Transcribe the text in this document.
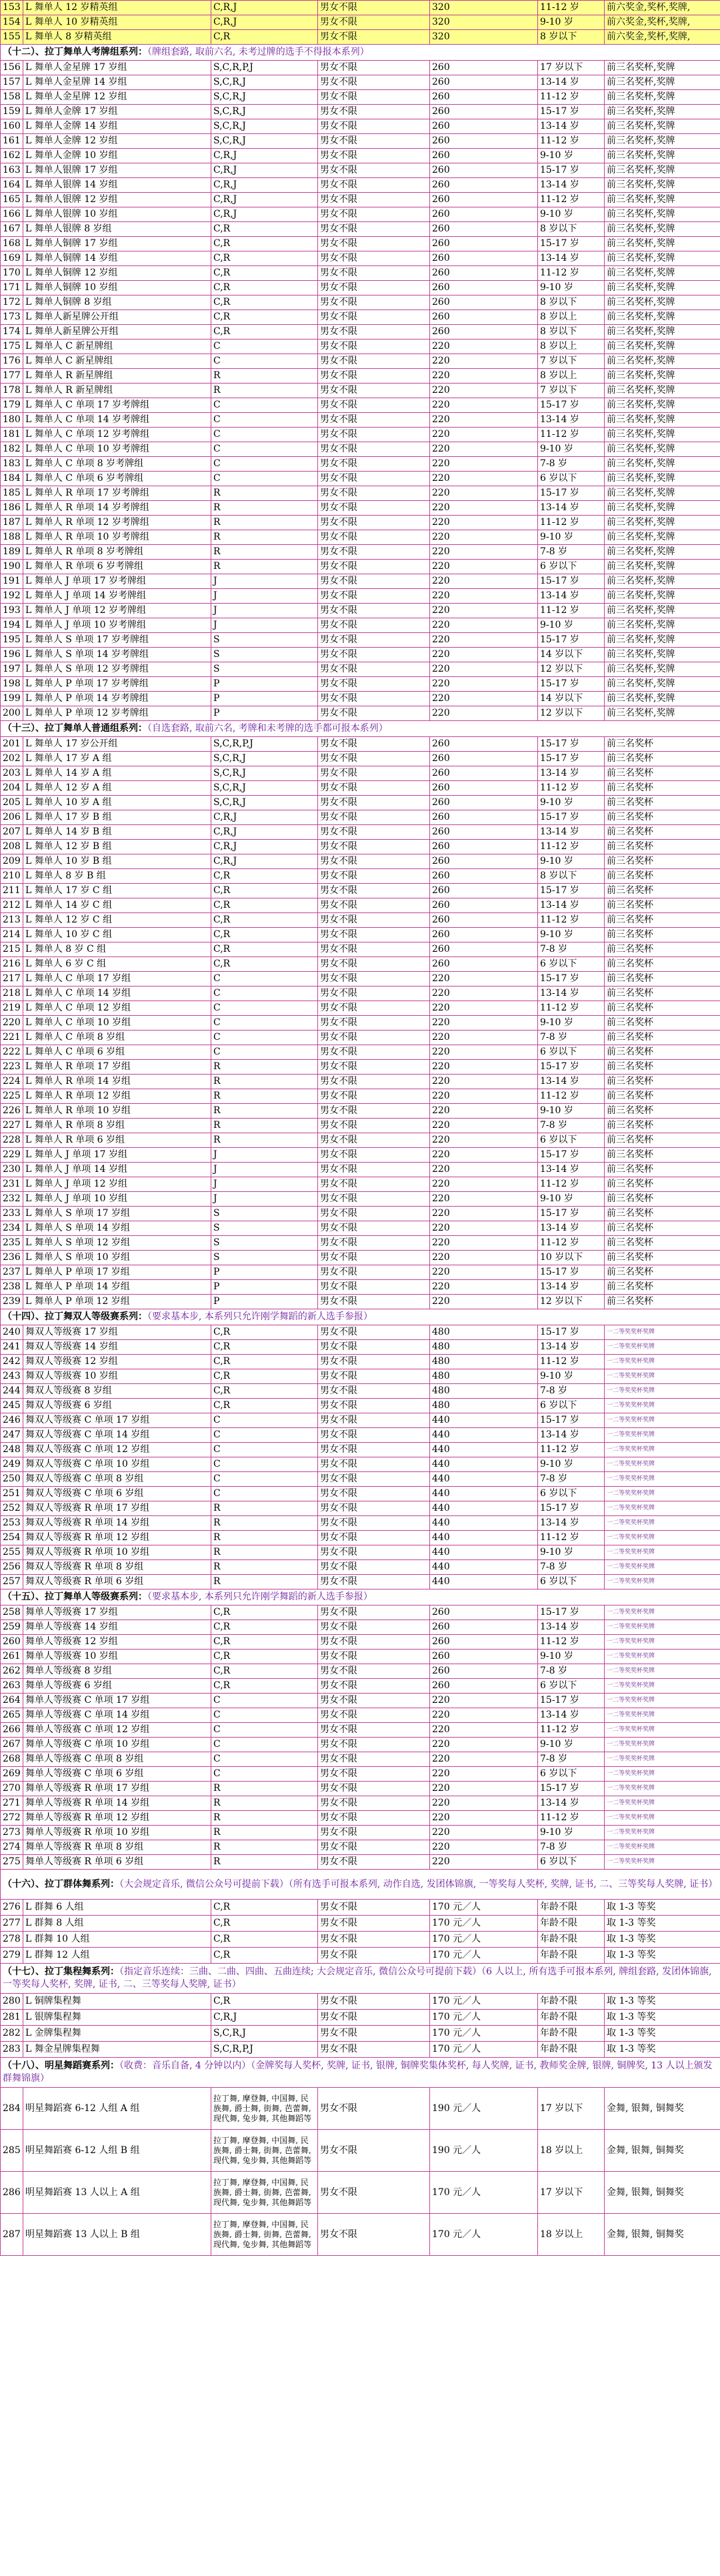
153	L 舞单人 12 岁精英组	C,R,J	男女不限	320	11-12 岁	前六奖金,奖杯,奖牌,
154	L 舞单人 10 岁精英组	C,R,J	男女不限	320	9-10 岁	前六奖金,奖杯,奖牌,
155	L 舞单人 8 岁精英组	C,R	男女不限	320	8 岁以下	前六奖金,奖杯,奖牌,
（十二）、拉丁舞单人考牌组系列：（牌组套路, 取前六名, 未考过牌的选手不得报本系列）						
156	L 舞单人金星牌 17 岁组	S,C,R,P,J	男女不限	260	17 岁以下	前三名奖杯,奖牌
157	L 舞单人金星牌 14 岁组	S,C,R,J	男女不限	260	13-14 岁	前三名奖杯,奖牌
158	L 舞单人金星牌 12 岁组	S,C,R,J	男女不限	260	11-12 岁	前三名奖杯,奖牌
159	L 舞单人金牌 17 岁组	S,C,R,J	男女不限	260	15-17 岁	前三名奖杯,奖牌
160	L 舞单人金牌 14 岁组	S,C,R,J	男女不限	260	13-14 岁	前三名奖杯,奖牌
161	L 舞单人金牌 12 岁组	S,C,R,J	男女不限	260	11-12 岁	前三名奖杯,奖牌
162	L 舞单人金牌 10 岁组	C,R,J	男女不限	260	9-10 岁	前三名奖杯,奖牌
163	L 舞单人银牌 17 岁组	C,R,J	男女不限	260	15-17 岁	前三名奖杯,奖牌
164	L 舞单人银牌 14 岁组	C,R,J	男女不限	260	13-14 岁	前三名奖杯,奖牌
165	L 舞单人银牌 12 岁组	C,R,J	男女不限	260	11-12 岁	前三名奖杯,奖牌
166	L 舞单人银牌 10 岁组	C,R,J	男女不限	260	9-10 岁	前三名奖杯,奖牌
167	L 舞单人银牌 8 岁组	C,R	男女不限	260	8 岁以下	前三名奖杯,奖牌
168	L 舞单人铜牌 17 岁组	C,R	男女不限	260	15-17 岁	前三名奖杯,奖牌
169	L 舞单人铜牌 14 岁组	C,R	男女不限	260	13-14 岁	前三名奖杯,奖牌
170	L 舞单人铜牌 12 岁组	C,R	男女不限	260	11-12 岁	前三名奖杯,奖牌
171	L 舞单人铜牌 10 岁组	C,R	男女不限	260	9-10 岁	前三名奖杯,奖牌
172	L 舞单人铜牌 8 岁组	C,R	男女不限	260	8 岁以下	前三名奖杯,奖牌
173	L 舞单人新星牌公开组	C,R	男女不限	260	8 岁以上	前三名奖杯,奖牌
174	L 舞单人新星牌公开组	C,R	男女不限	260	8 岁以下	前三名奖杯,奖牌
175	L 舞单人 C 新星牌组	C	男女不限	220	8 岁以上	前三名奖杯,奖牌
176	L 舞单人 C 新星牌组	C	男女不限	220	7 岁以下	前三名奖杯,奖牌
177	L 舞单人 R 新星牌组	R	男女不限	220	8 岁以上	前三名奖杯,奖牌
178	L 舞单人 R 新星牌组	R	男女不限	220	7 岁以下	前三名奖杯,奖牌
179	L 舞单人 C 单项 17 岁考牌组	C	男女不限	220	15-17 岁	前三名奖杯,奖牌
180	L 舞单人 C 单项 14 岁考牌组	C	男女不限	220	13-14 岁	前三名奖杯,奖牌
181	L 舞单人 C 单项 12 岁考牌组	C	男女不限	220	11-12 岁	前三名奖杯,奖牌
182	L 舞单人 C 单项 10 岁考牌组	C	男女不限	220	9-10 岁	前三名奖杯,奖牌
183	L 舞单人 C 单项 8 岁考牌组	C	男女不限	220	7-8 岁	前三名奖杯,奖牌
184	L 舞单人 C 单项 6 岁考牌组	C	男女不限	220	6 岁以下	前三名奖杯,奖牌
185	L 舞单人 R 单项 17 岁考牌组	R	男女不限	220	15-17 岁	前三名奖杯,奖牌
186	L 舞单人 R 单项 14 岁考牌组	R	男女不限	220	13-14 岁	前三名奖杯,奖牌
187	L 舞单人 R 单项 12 岁考牌组	R	男女不限	220	11-12 岁	前三名奖杯,奖牌
188	L 舞单人 R 单项 10 岁考牌组	R	男女不限	220	9-10 岁	前三名奖杯,奖牌
189	L 舞单人 R 单项 8 岁考牌组	R	男女不限	220	7-8 岁	前三名奖杯,奖牌
190	L 舞单人 R 单项 6 岁考牌组	R	男女不限	220	6 岁以下	前三名奖杯,奖牌
191	L 舞单人 J 单项 17 岁考牌组	J	男女不限	220	15-17 岁	前三名奖杯,奖牌
192	L 舞单人 J 单项 14 岁考牌组	J	男女不限	220	13-14 岁	前三名奖杯,奖牌
193	L 舞单人 J 单项 12 岁考牌组	J	男女不限	220	11-12 岁	前三名奖杯,奖牌
194	L 舞单人 J 单项 10 岁考牌组	J	男女不限	220	9-10 岁	前三名奖杯,奖牌
195	L 舞单人 S 单项 17 岁考牌组	S	男女不限	220	15-17 岁	前三名奖杯,奖牌
196	L 舞单人 S 单项 14 岁考牌组	S	男女不限	220	14 岁以下	前三名奖杯,奖牌
197	L 舞单人 S 单项 12 岁考牌组	S	男女不限	220	12 岁以下	前三名奖杯,奖牌
198	L 舞单人 P 单项 17 岁考牌组	P	男女不限	220	15-17 岁	前三名奖杯,奖牌
199	L 舞单人 P 单项 14 岁考牌组	P	男女不限	220	14 岁以下	前三名奖杯,奖牌
200	L 舞单人 P 单项 12 岁考牌组	P	男女不限	220	12 岁以下	前三名奖杯,奖牌
（十三）、拉丁舞单人普通组系列：（自选套路, 取前六名, 考牌和未考牌的选手都可报本系列）						
201	L 舞单人 17 岁公开组	S,C,R,P,J	男女不限	260	15-17 岁	前三名奖杯
202	L 舞单人 17 岁 A 组	S,C,R,J	男女不限	260	15-17 岁	前三名奖杯
203	L 舞单人 14 岁 A 组	S,C,R,J	男女不限	260	13-14 岁	前三名奖杯
204	L 舞单人 12 岁 A 组	S,C,R,J	男女不限	260	11-12 岁	前三名奖杯
205	L 舞单人 10 岁 A 组	S,C,R,J	男女不限	260	9-10 岁	前三名奖杯
206	L 舞单人 17 岁 B 组	C,R,J	男女不限	260	15-17 岁	前三名奖杯
207	L 舞单人 14 岁 B 组	C,R,J	男女不限	260	13-14 岁	前三名奖杯
208	L 舞单人 12 岁 B 组	C,R,J	男女不限	260	11-12 岁	前三名奖杯
209	L 舞单人 10 岁 B 组	C,R,J	男女不限	260	9-10 岁	前三名奖杯
210	L 舞单人 8 岁 B 组	C,R	男女不限	260	8 岁以下	前三名奖杯
211	L 舞单人 17 岁 C 组	C,R	男女不限	260	15-17 岁	前三名奖杯
212	L 舞单人 14 岁 C 组	C,R	男女不限	260	13-14 岁	前三名奖杯
213	L 舞单人 12 岁 C 组	C,R	男女不限	260	11-12 岁	前三名奖杯
214	L 舞单人 10 岁 C 组	C,R	男女不限	260	9-10 岁	前三名奖杯
215	L 舞单人 8 岁 C 组	C,R	男女不限	260	7-8 岁	前三名奖杯
216	L 舞单人 6 岁 C 组	C,R	男女不限	260	6 岁以下	前三名奖杯
217	L 舞单人 C 单项 17 岁组	C	男女不限	220	15-17 岁	前三名奖杯
218	L 舞单人 C 单项 14 岁组	C	男女不限	220	13-14 岁	前三名奖杯
219	L 舞单人 C 单项 12 岁组	C	男女不限	220	11-12 岁	前三名奖杯
220	L 舞单人 C 单项 10 岁组	C	男女不限	220	9-10 岁	前三名奖杯
221	L 舞单人 C 单项 8 岁组	C	男女不限	220	7-8 岁	前三名奖杯
222	L 舞单人 C 单项 6 岁组	C	男女不限	220	6 岁以下	前三名奖杯
223	L 舞单人 R 单项 17 岁组	R	男女不限	220	15-17 岁	前三名奖杯
224	L 舞单人 R 单项 14 岁组	R	男女不限	220	13-14 岁	前三名奖杯
225	L 舞单人 R 单项 12 岁组	R	男女不限	220	11-12 岁	前三名奖杯
226	L 舞单人 R 单项 10 岁组	R	男女不限	220	9-10 岁	前三名奖杯
227	L 舞单人 R 单项 8 岁组	R	男女不限	220	7-8 岁	前三名奖杯
228	L 舞单人 R 单项 6 岁组	R	男女不限	220	6 岁以下	前三名奖杯
229	L 舞单人 J 单项 17 岁组	J	男女不限	220	15-17 岁	前三名奖杯
230	L 舞单人 J 单项 14 岁组	J	男女不限	220	13-14 岁	前三名奖杯
231	L 舞单人 J 单项 12 岁组	J	男女不限	220	11-12 岁	前三名奖杯
232	L 舞单人 J 单项 10 岁组	J	男女不限	220	9-10 岁	前三名奖杯
233	L 舞单人 S 单项 17 岁组	S	男女不限	220	15-17 岁	前三名奖杯
234	L 舞单人 S 单项 14 岁组	S	男女不限	220	13-14 岁	前三名奖杯
235	L 舞单人 S 单项 12 岁组	S	男女不限	220	11-12 岁	前三名奖杯
236	L 舞单人 S 单项 10 岁组	S	男女不限	220	10 岁以下	前三名奖杯
237	L 舞单人 P 单项 17 岁组	P	男女不限	220	15-17 岁	前三名奖杯
238	L 舞单人 P 单项 14 岁组	P	男女不限	220	13-14 岁	前三名奖杯
239	L 舞单人 P 单项 12 岁组	P	男女不限	220	12 岁以下	前三名奖杯
（十四）、拉丁舞双人等级赛系列：（要求基本步, 本系列只允许刚学舞蹈的新人选手参报）						
240	舞双人等级赛 17 岁组	C,R	男女不限	480	15-17 岁	一二等奖奖杯奖牌
241	舞双人等级赛 14 岁组	C,R	男女不限	480	13-14 岁	一二等奖奖杯奖牌
242	舞双人等级赛 12 岁组	C,R	男女不限	480	11-12 岁	一二等奖奖杯奖牌
243	舞双人等级赛 10 岁组	C,R	男女不限	480	9-10 岁	一二等奖奖杯奖牌
244	舞双人等级赛 8 岁组	C,R	男女不限	480	7-8 岁	一二等奖奖杯奖牌
245	舞双人等级赛 6 岁组	C,R	男女不限	480	6 岁以下	一二等奖奖杯奖牌
246	舞双人等级赛 C 单项 17 岁组	C	男女不限	440	15-17 岁	一二等奖奖杯奖牌
247	舞双人等级赛 C 单项 14 岁组	C	男女不限	440	13-14 岁	一二等奖奖杯奖牌
248	舞双人等级赛 C 单项 12 岁组	C	男女不限	440	11-12 岁	一二等奖奖杯奖牌
249	舞双人等级赛 C 单项 10 岁组	C	男女不限	440	9-10 岁	一二等奖奖杯奖牌
250	舞双人等级赛 C 单项 8 岁组	C	男女不限	440	7-8 岁	一二等奖奖杯奖牌
251	舞双人等级赛 C 单项 6 岁组	C	男女不限	440	6 岁以下	一二等奖奖杯奖牌
252	舞双人等级赛 R 单项 17 岁组	R	男女不限	440	15-17 岁	一二等奖奖杯奖牌
253	舞双人等级赛 R 单项 14 岁组	R	男女不限	440	13-14 岁	一二等奖奖杯奖牌
254	舞双人等级赛 R 单项 12 岁组	R	男女不限	440	11-12 岁	一二等奖奖杯奖牌
255	舞双人等级赛 R 单项 10 岁组	R	男女不限	440	9-10 岁	一二等奖奖杯奖牌
256	舞双人等级赛 R 单项 8 岁组	R	男女不限	440	7-8 岁	一二等奖奖杯奖牌
257	舞双人等级赛 R 单项 6 岁组	R	男女不限	440	6 岁以下	一二等奖奖杯奖牌
（十五）、拉丁舞单人等级赛系列：（要求基本步, 本系列只允许刚学舞蹈的新人选手参报）						
258	舞单人等级赛 17 岁组	C,R	男女不限	260	15-17 岁	一二等奖奖杯奖牌
259	舞单人等级赛 14 岁组	C,R	男女不限	260	13-14 岁	一二等奖奖杯奖牌
260	舞单人等级赛 12 岁组	C,R	男女不限	260	11-12 岁	一二等奖奖杯奖牌
261	舞单人等级赛 10 岁组	C,R	男女不限	260	9-10 岁	一二等奖奖杯奖牌
262	舞单人等级赛 8 岁组	C,R	男女不限	260	7-8 岁	一二等奖奖杯奖牌
263	舞单人等级赛 6 岁组	C,R	男女不限	260	6 岁以下	一二等奖奖杯奖牌
264	舞单人等级赛 C 单项 17 岁组	C	男女不限	220	15-17 岁	一二等奖奖杯奖牌
265	舞单人等级赛 C 单项 14 岁组	C	男女不限	220	13-14 岁	一二等奖奖杯奖牌
266	舞单人等级赛 C 单项 12 岁组	C	男女不限	220	11-12 岁	一二等奖奖杯奖牌
267	舞单人等级赛 C 单项 10 岁组	C	男女不限	220	9-10 岁	一二等奖奖杯奖牌
268	舞单人等级赛 C 单项 8 岁组	C	男女不限	220	7-8 岁	一二等奖奖杯奖牌
269	舞单人等级赛 C 单项 6 岁组	C	男女不限	220	6 岁以下	一二等奖奖杯奖牌
270	舞单人等级赛 R 单项 17 岁组	R	男女不限	220	15-17 岁	一二等奖奖杯奖牌
271	舞单人等级赛 R 单项 14 岁组	R	男女不限	220	13-14 岁	一二等奖奖杯奖牌
272	舞单人等级赛 R 单项 12 岁组	R	男女不限	220	11-12 岁	一二等奖奖杯奖牌
273	舞单人等级赛 R 单项 10 岁组	R	男女不限	220	9-10 岁	一二等奖奖杯奖牌
274	舞单人等级赛 R 单项 8 岁组	R	男女不限	220	7-8 岁	一二等奖奖杯奖牌
275	舞单人等级赛 R 单项 6 岁组	R	男女不限	220	6 岁以下	一二等奖奖杯奖牌
（十六）、拉丁群体舞系列：（大会规定音乐, 微信公众号可提前下载）（所有选手可报本系列, 动作自选, 发团体锦旗, 一等奖每人奖杯, 奖牌, 证书, 二、三等奖每人奖牌, 证书）						
276	L 群舞 6 人组	C,R	男女不限	170 元／人	年龄不限	取 1-3 等奖
277	L 群舞 8 人组	C,R	男女不限	170 元／人	年龄不限	取 1-3 等奖
278	L 群舞 10 人组	C,R	男女不限	170 元／人	年龄不限	取 1-3 等奖
279	L 群舞 12 人组	C,R	男女不限	170 元／人	年龄不限	取 1-3 等奖
（十七）、拉丁集程舞系列：（指定音乐连续：三曲、二曲、四曲、五曲连续; 大会规定音乐, 微信公众号可提前下载）（6 人以上, 所有选手可报本系列, 牌组套路, 发团体锦旗, 一等奖每人奖杯, 奖牌, 证书, 二、三等奖每人奖牌, 证书）						
280	L 铜牌集程舞	C,R	男女不限	170 元／人	年龄不限	取 1-3 等奖
281	L 银牌集程舞	C,R,J	男女不限	170 元／人	年龄不限	取 1-3 等奖
282	L 金牌集程舞	S,C,R,J	男女不限	170 元／人	年龄不限	取 1-3 等奖
283	L 舞金星牌集程舞	S,C,R,P,J	男女不限	170 元／人	年龄不限	取 1-3 等奖
（十八）、明星舞蹈赛系列：（收费：音乐自备, 4 分钟以内）（金牌奖每人奖杯, 奖牌, 证书, 银牌, 铜牌奖集体奖杯, 每人奖牌, 证书, 教师奖金牌, 银牌, 铜牌奖, 13 人以上颁发群舞锦旗）						
284	明星舞蹈赛 6-12 人组 A 组	拉丁舞, 摩登舞, 中国舞, 民族舞, 爵士舞, 街舞, 芭蕾舞, 现代舞, 兔步舞, 其他舞蹈等	男女不限	190 元／人	17 岁以下	金舞, 银舞, 铜舞奖
285	明星舞蹈赛 6-12 人组 B 组	拉丁舞, 摩登舞, 中国舞, 民族舞, 爵士舞, 街舞, 芭蕾舞, 现代舞, 兔步舞, 其他舞蹈等	男女不限	190 元／人	18 岁以上	金舞, 银舞, 铜舞奖
286	明星舞蹈赛 13 人以上 A 组	拉丁舞, 摩登舞, 中国舞, 民族舞, 爵士舞, 街舞, 芭蕾舞, 现代舞, 兔步舞, 其他舞蹈等	男女不限	170 元／人	17 岁以下	金舞, 银舞, 铜舞奖
287	明星舞蹈赛 13 人以上 B 组	拉丁舞, 摩登舞, 中国舞, 民族舞, 爵士舞, 街舞, 芭蕾舞, 现代舞, 兔步舞, 其他舞蹈等	男女不限	170 元／人	18 岁以上	金舞, 银舞, 铜舞奖
